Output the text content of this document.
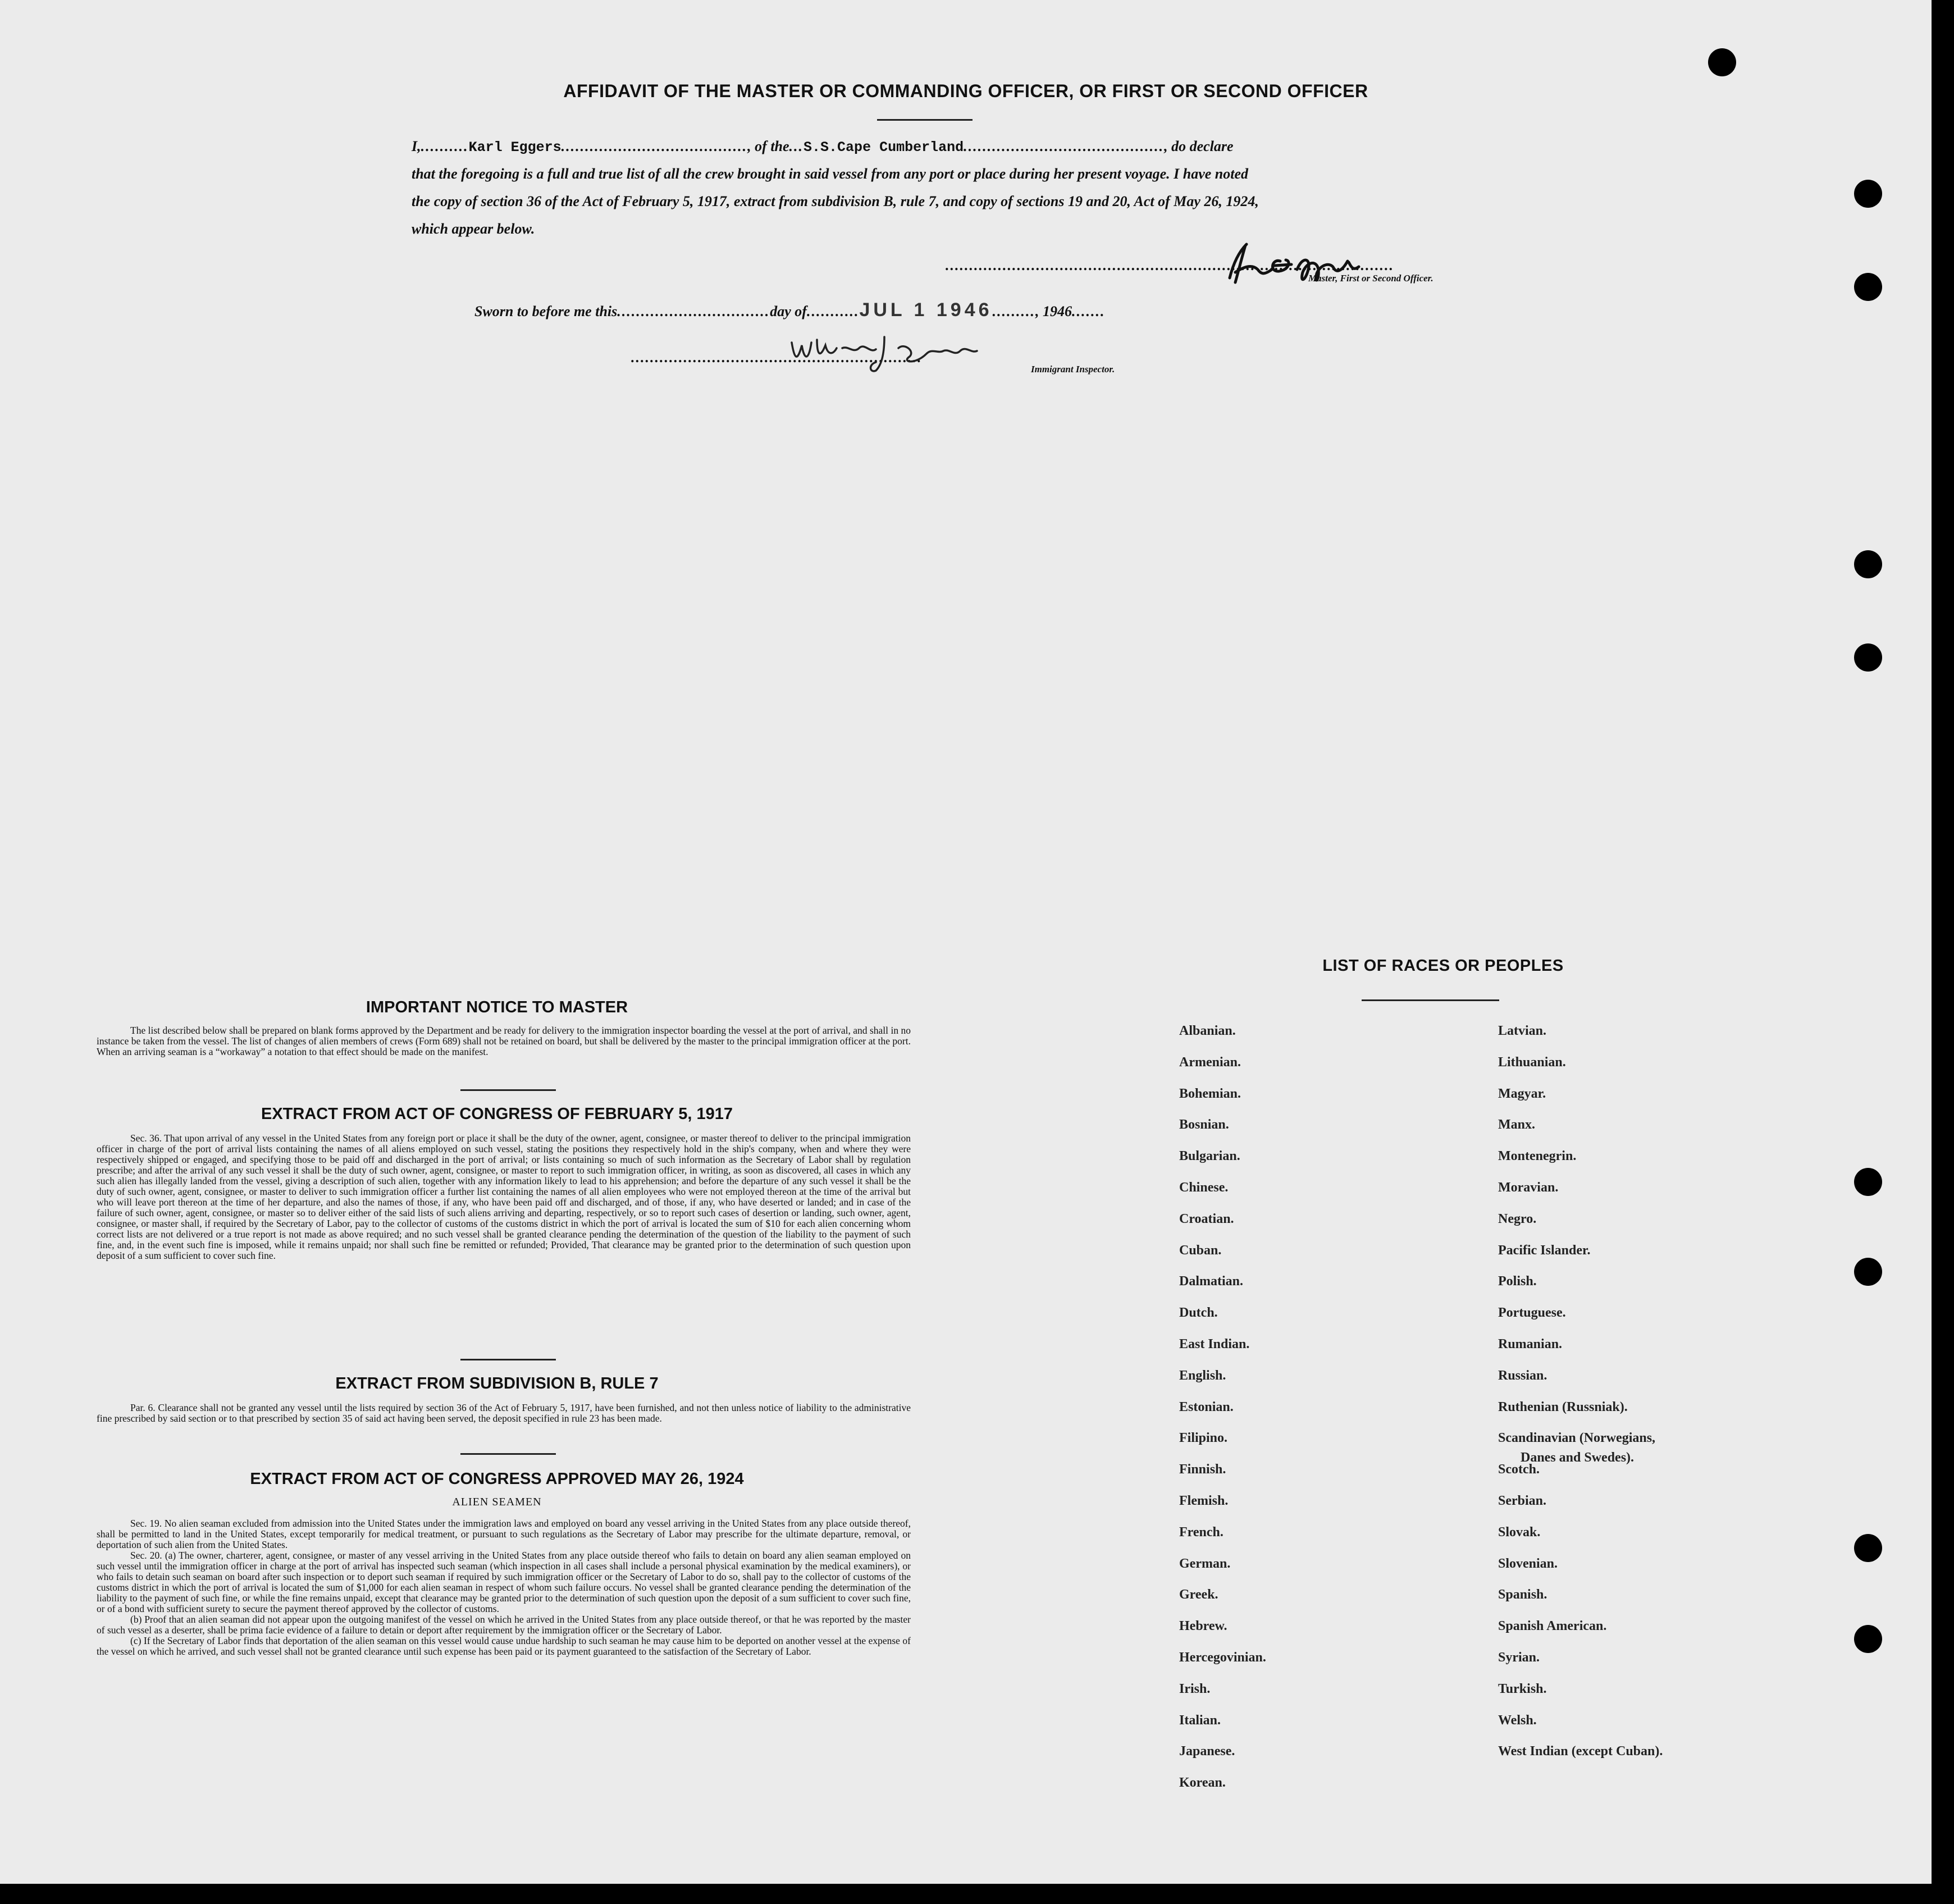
AFFIDAVIT OF THE MASTER OR COMMANDING OFFICER, OR FIRST OR SECOND OFFICER
I,..........Karl Eggers......................................., of the...S.S.Cape Cumberland.........................................., do declare
that the foregoing is a full and true list of all the crew brought in said vessel from any port or place during her present voyage. I have noted
the copy of section 36 of the Act of February 5, 1917, extract from subdivision B, rule 7, and copy of sections 19 and 20, Act of May 26, 1924,
which appear below.
..............................................................................................
Master, First or Second Officer.
Sworn to before me this................................day of...........JUL 1 1946........., 1946.......
.............................................................
Immigrant Inspector.
IMPORTANT NOTICE TO MASTER

The list described below shall be prepared on blank forms approved by the Department and be ready for delivery to the immigration inspector boarding the vessel at the port of arrival, and shall in no instance be taken from the vessel. The list of changes of alien members of crews (Form 689) shall not be retained on board, but shall be delivered by the master to the principal immigration officer at the port. When an arriving seaman is a “workaway” a notation to that effect should be made on the manifest.

EXTRACT FROM ACT OF CONGRESS OF FEBRUARY 5, 1917

Sec. 36. That upon arrival of any vessel in the United States from any foreign port or place it shall be the duty of the owner, agent, consignee, or master thereof to deliver to the principal immigration officer in charge of the port of arrival lists containing the names of all aliens employed on such vessel, stating the positions they respectively hold in the ship's company, when and where they were respectively shipped or engaged, and specifying those to be paid off and discharged in the port of arrival; or lists containing so much of such information as the Secretary of Labor shall by regulation prescribe; and after the arrival of any such vessel it shall be the duty of such owner, agent, consignee, or master to report to such immigration officer, in writing, as soon as discovered, all cases in which any such alien has illegally landed from the vessel, giving a description of such alien, together with any information likely to lead to his apprehension; and before the departure of any such vessel it shall be the duty of such owner, agent, consignee, or master to deliver to such immigration officer a further list containing the names of all alien employees who were not employed thereon at the time of the arrival but who will leave port thereon at the time of her departure, and also the names of those, if any, who have been paid off and discharged, and of those, if any, who have deserted or landed; and in case of the failure of such owner, agent, consignee, or master so to deliver either of the said lists of such aliens arriving and departing, respectively, or so to report such cases of desertion or landing, such owner, agent, consignee, or master shall, if required by the Secretary of Labor, pay to the collector of customs of the customs district in which the port of arrival is located the sum of $10 for each alien concerning whom correct lists are not delivered or a true report is not made as above required; and no such vessel shall be granted clearance pending the determination of the question of the liability to the payment of such fine, and, in the event such fine is imposed, while it remains unpaid; nor shall such fine be remitted or refunded; Provided, That clearance may be granted prior to the determination of such question upon deposit of a sum sufficient to cover such fine.

EXTRACT FROM SUBDIVISION B, RULE 7

Par. 6. Clearance shall not be granted any vessel until the lists required by section 36 of the Act of February 5, 1917, have been furnished, and not then unless notice of liability to the administrative fine prescribed by said section or to that prescribed by section 35 of said act having been served, the deposit specified in rule 23 has been made.

EXTRACT FROM ACT OF CONGRESS APPROVED MAY 26, 1924
ALIEN SEAMEN

Sec. 19. No alien seaman excluded from admission into the United States under the immigration laws and employed on board any vessel arriving in the United States from any place outside thereof, shall be permitted to land in the United States, except temporarily for medical treatment, or pursuant to such regulations as the Secretary of Labor may prescribe for the ultimate departure, removal, or deportation of such alien from the United States.

Sec. 20. (a) The owner, charterer, agent, consignee, or master of any vessel arriving in the United States from any place outside thereof who fails to detain on board any alien seaman employed on such vessel until the immigration officer in charge at the port of arrival has inspected such seaman (which inspection in all cases shall include a personal physical examination by the medical examiners), or who fails to detain such seaman on board after such inspection or to deport such seaman if required by such immigration officer or the Secretary of Labor to do so, shall pay to the collector of customs of the customs district in which the port of arrival is located the sum of $1,000 for each alien seaman in respect of whom such failure occurs. No vessel shall be granted clearance pending the determination of the liability to the payment of such fine, or while the fine remains unpaid, except that clearance may be granted prior to the determination of such question upon the deposit of a sum sufficient to cover such fine, or of a bond with sufficient surety to secure the payment thereof approved by the collector of customs.

(b) Proof that an alien seaman did not appear upon the outgoing manifest of the vessel on which he arrived in the United States from any place outside thereof, or that he was reported by the master of such vessel as a deserter, shall be prima facie evidence of a failure to detain or deport after requirement by the immigration officer or the Secretary of Labor.

(c) If the Secretary of Labor finds that deportation of the alien seaman on this vessel would cause undue hardship to such seaman he may cause him to be deported on another vessel at the expense of the vessel on which he arrived, and such vessel shall not be granted clearance until such expense has been paid or its payment guaranteed to the satisfaction of the Secretary of Labor.

LIST OF RACES OR PEOPLES
Albanian.
Armenian.
Bohemian.
Bosnian.
Bulgarian.
Chinese.
Croatian.
Cuban.
Dalmatian.
Dutch.
East Indian.
English.
Estonian.
Filipino.
Finnish.
Flemish.
French.
German.
Greek.
Hebrew.
Hercegovinian.
Irish.
Italian.
Japanese.
Korean.
Latvian.
Lithuanian.
Magyar.
Manx.
Montenegrin.
Moravian.
Negro.
Pacific Islander.
Polish.
Portuguese.
Rumanian.
Russian.
Ruthenian (Russniak).
Scandinavian (Norwegians,
Danes and Swedes).
Scotch.
Serbian.
Slovak.
Slovenian.
Spanish.
Spanish American.
Syrian.
Turkish.
Welsh.
West Indian (except Cuban).
